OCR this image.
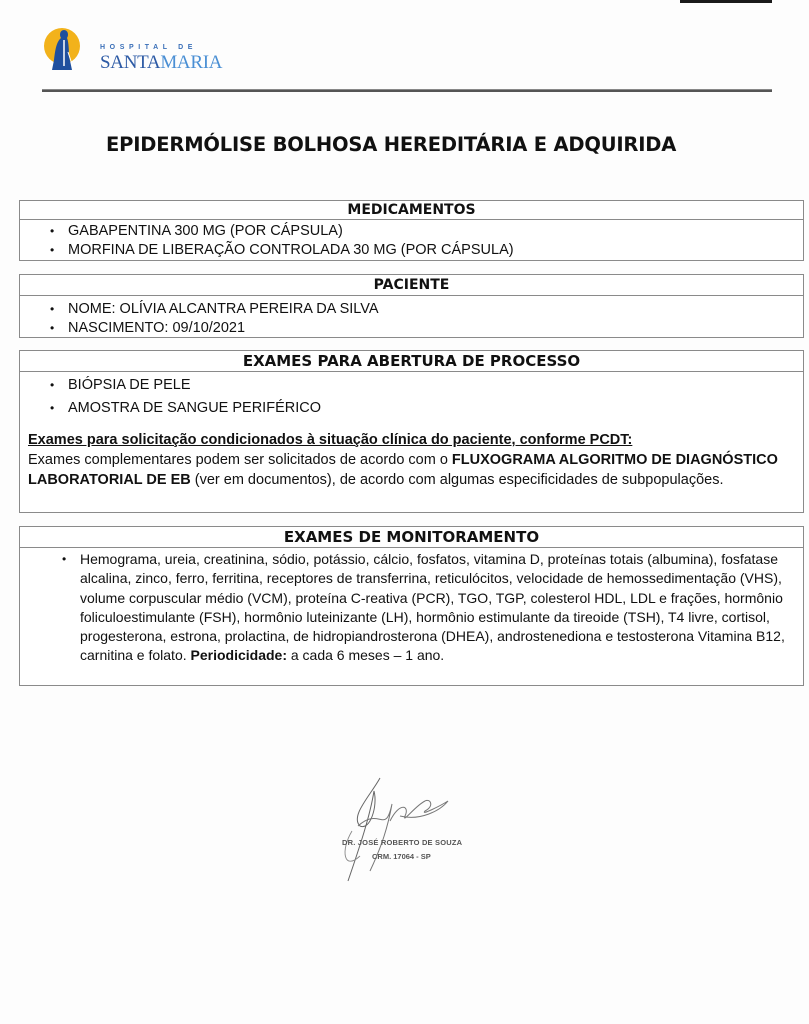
HOSPITAL DE
SANTAMARIA
EPIDERMÓLISE BOLHOSA HEREDITÁRIA E ADQUIRIDA
MEDICAMENTOS
• GABAPENTINA 300 MG (POR CÁPSULA)
• MORFINA DE LIBERAÇÃO CONTROLADA 30 MG (POR CÁPSULA)
PACIENTE
• NOME: OLÍVIA ALCANTRA PEREIRA DA SILVA
• NASCIMENTO: 09/10/2021
EXAMES PARA ABERTURA DE PROCESSO
• BIÓPSIA DE PELE
• AMOSTRA DE SANGUE PERIFÉRICO
Exames para solicitação condicionados à situação clínica do paciente, conforme PCDT:
Exames complementares podem ser solicitados de acordo com o FLUXOGRAMA ALGORITMO DE DIAGNÓSTICO LABORATORIAL DE EB (ver em documentos), de acordo com algumas especificidades de subpopulações.
EXAMES DE MONITORAMENTO
• Hemograma, ureia, creatinina, sódio, potássio, cálcio, fosfatos, vitamina D, proteínas totais (albumina), fosfatase alcalina, zinco, ferro, ferritina, receptores de transferrina, reticulócitos, velocidade de hemossedimentação (VHS), volume corpuscular médio (VCM), proteína C-reativa (PCR), TGO, TGP, colesterol HDL, LDL e frações, hormônio foliculoestimulante (FSH), hormônio luteinizante (LH), hormônio estimulante da tireoide (TSH), T4 livre, cortisol, progesterona, estrona, prolactina, de hidropiandrosterona (DHEA), androstenediona e testosterona Vitamina B12, carnitina e folato. Periodicidade: a cada 6 meses – 1 ano.
DR. JOSÉ ROBERTO DE SOUZA
CRM. 17064 - SP
